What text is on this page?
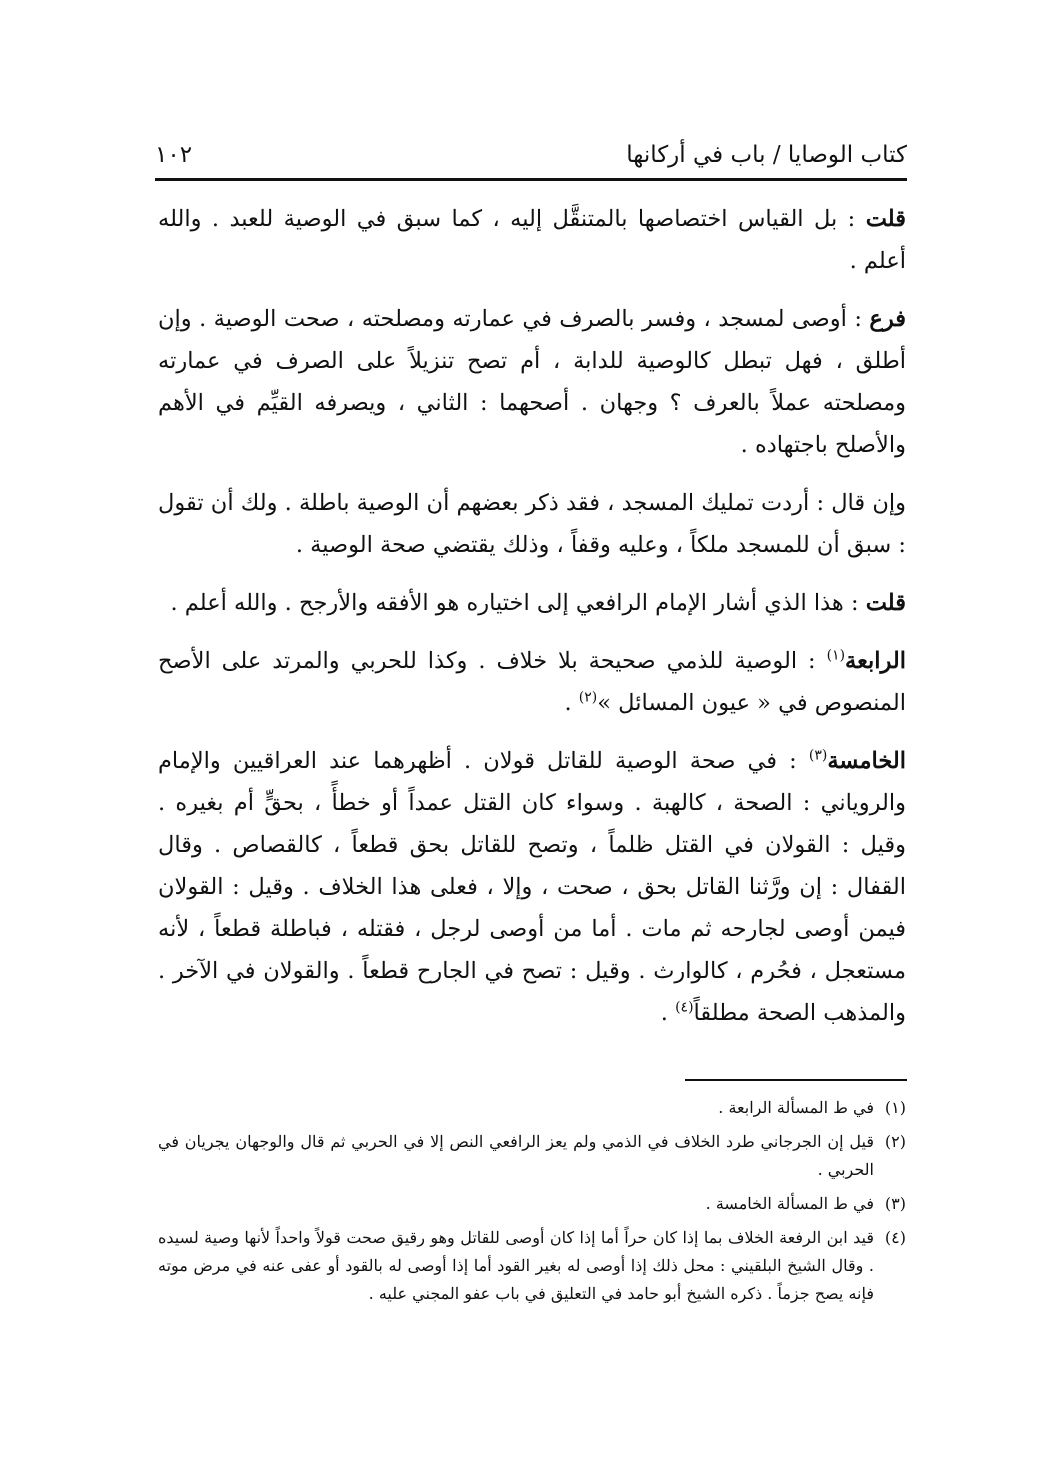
كتاب الوصايا / باب في أركانها
١٠٢

قلت : بل القياس اختصاصها بالمتنقَّل إليه ، كما سبق في الوصية للعبد . والله أعلم .

فرع : أوصى لمسجد ، وفسر بالصرف في عمارته ومصلحته ، صحت الوصية . وإن أطلق ، فهل تبطل كالوصية للدابة ، أم تصح تنزيلاً على الصرف في عمارته ومصلحته عملاً بالعرف ؟ وجهان . أصحهما : الثاني ، ويصرفه القيِّم في الأهم والأصلح باجتهاده .

وإن قال : أردت تمليك المسجد ، فقد ذكر بعضهم أن الوصية باطلة . ولك أن تقول : سبق أن للمسجد ملكاً ، وعليه وقفاً ، وذلك يقتضي صحة الوصية .

قلت : هذا الذي أشار الإمام الرافعي إلى اختياره هو الأفقه والأرجح . والله أعلم .

الرابعة$^{(١)}$ : الوصية للذمي صحيحة بلا خلاف . وكذا للحربي والمرتد على الأصح المنصوص في « عيون المسائل »$^{(٢)}$ .

الخامسة$^{(٣)}$ : في صحة الوصية للقاتل قولان . أظهرهما عند العراقيين والإمام والروياني : الصحة ، كالهبة . وسواء كان القتل عمداً أو خطأً ، بحقٍّ أم بغيره . وقيل : القولان في القتل ظلماً ، وتصح للقاتل بحق قطعاً ، كالقصاص . وقال القفال : إن ورَّثنا القاتل بحق ، صحت ، وإلا ، فعلى هذا الخلاف . وقيل : القولان فيمن أوصى لجارحه ثم مات . أما من أوصى لرجل ، فقتله ، فباطلة قطعاً ، لأنه مستعجل ، فحُرم ، كالوارث . وقيل : تصح في الجارح قطعاً . والقولان في الآخر . والمذهب الصحة مطلقاً$^{(٤)}$ .

(١)
في ط المسألة الرابعة .
(٢)
قيل إن الجرجاني طرد الخلاف في الذمي ولم يعز الرافعي النص إلا في الحربي ثم قال والوجهان يجريان في الحربي .
(٣)
في ط المسألة الخامسة .
(٤)
قيد ابن الرفعة الخلاف بما إذا كان حراً أما إذا كان أوصى للقاتل وهو رقيق صحت قولاً واحداً لأنها وصية لسيده . وقال الشيخ البلقيني : محل ذلك إذا أوصى له بغير القود أما إذا أوصى له بالقود أو عفى عنه في مرض موته فإنه يصح جزماً . ذكره الشيخ أبو حامد في التعليق في باب عفو المجني عليه .
